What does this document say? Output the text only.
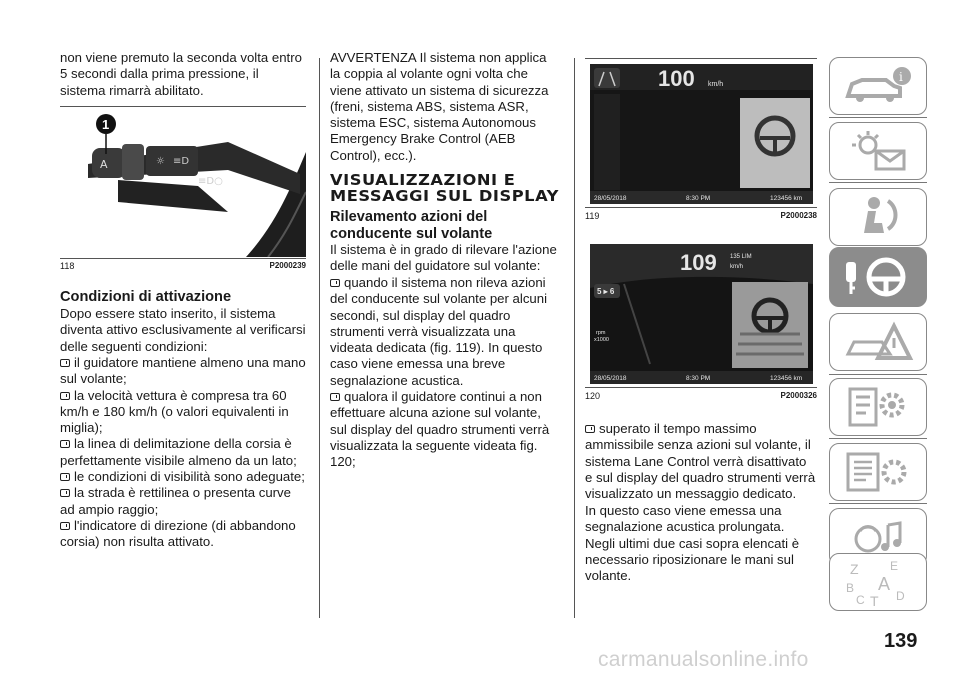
non viene premuto la seconda volta entro 5 secondi dalla prima pressione, il sistema rimarrà abilitato.

A	☼ ≡D
≡D○
1
118	P2000239
Condizioni di attivazione

Dopo essere stato inserito, il sistema diventa attivo esclusivamente al verificarsi delle seguenti condizioni:

il guidatore mantiene almeno una mano sul volante;

la velocità vettura è compresa tra 60 km/h e 180 km/h (o valori equivalenti in miglia);

la linea di delimitazione della corsia è perfettamente visibile almeno da un lato;

le condizioni di visibilità sono adeguate;

la strada è rettilinea o presenta curve ad ampio raggio;

l'indicatore di direzione (di abbandono corsia) non risulta attivato.

AVVERTENZA Il sistema non applica la coppia al volante ogni volta che viene attivato un sistema di sicurezza (freni, sistema ABS, sistema ASR, sistema ESC, sistema Autonomous Emergency Brake Control (AEB Control), ecc.).

VISUALIZZAZIONI E MESSAGGI SUL DISPLAY
Rilevamento azioni del conducente sul volante

Il sistema è in grado di rilevare l'azione delle mani del guidatore sul volante:

quando il sistema non rileva azioni del conducente sul volante per alcuni secondi, sul display del quadro strumenti verrà visualizzata una videata dedicata (fig. 119). In questo caso viene emessa una breve segnalazione acustica.

qualora il guidatore continui a non effettuare alcuna azione sul volante, sul display del quadro strumenti verrà visualizzata la seguente videata fig. 120;

100 km/h
28/05/2018	8:30 PM	123456 km
119	P2000238
5 ▸ 6
109 135 LIM
km/h
rpm
x1000
28/05/2018	8:30 PM	123456 km
120	P2000326

superato il tempo massimo ammissibile senza azioni sul volante, il sistema Lane Control verrà disattivato e sul display del quadro strumenti verrà visualizzato un messaggio dedicato.

In questo caso viene emessa una segnalazione acustica prolungata. Negli ultimi due casi sopra elencati è necessario riposizionare le mani sul volante.

i
Z	E
B A
C T D
139
carmanualsonline.info
